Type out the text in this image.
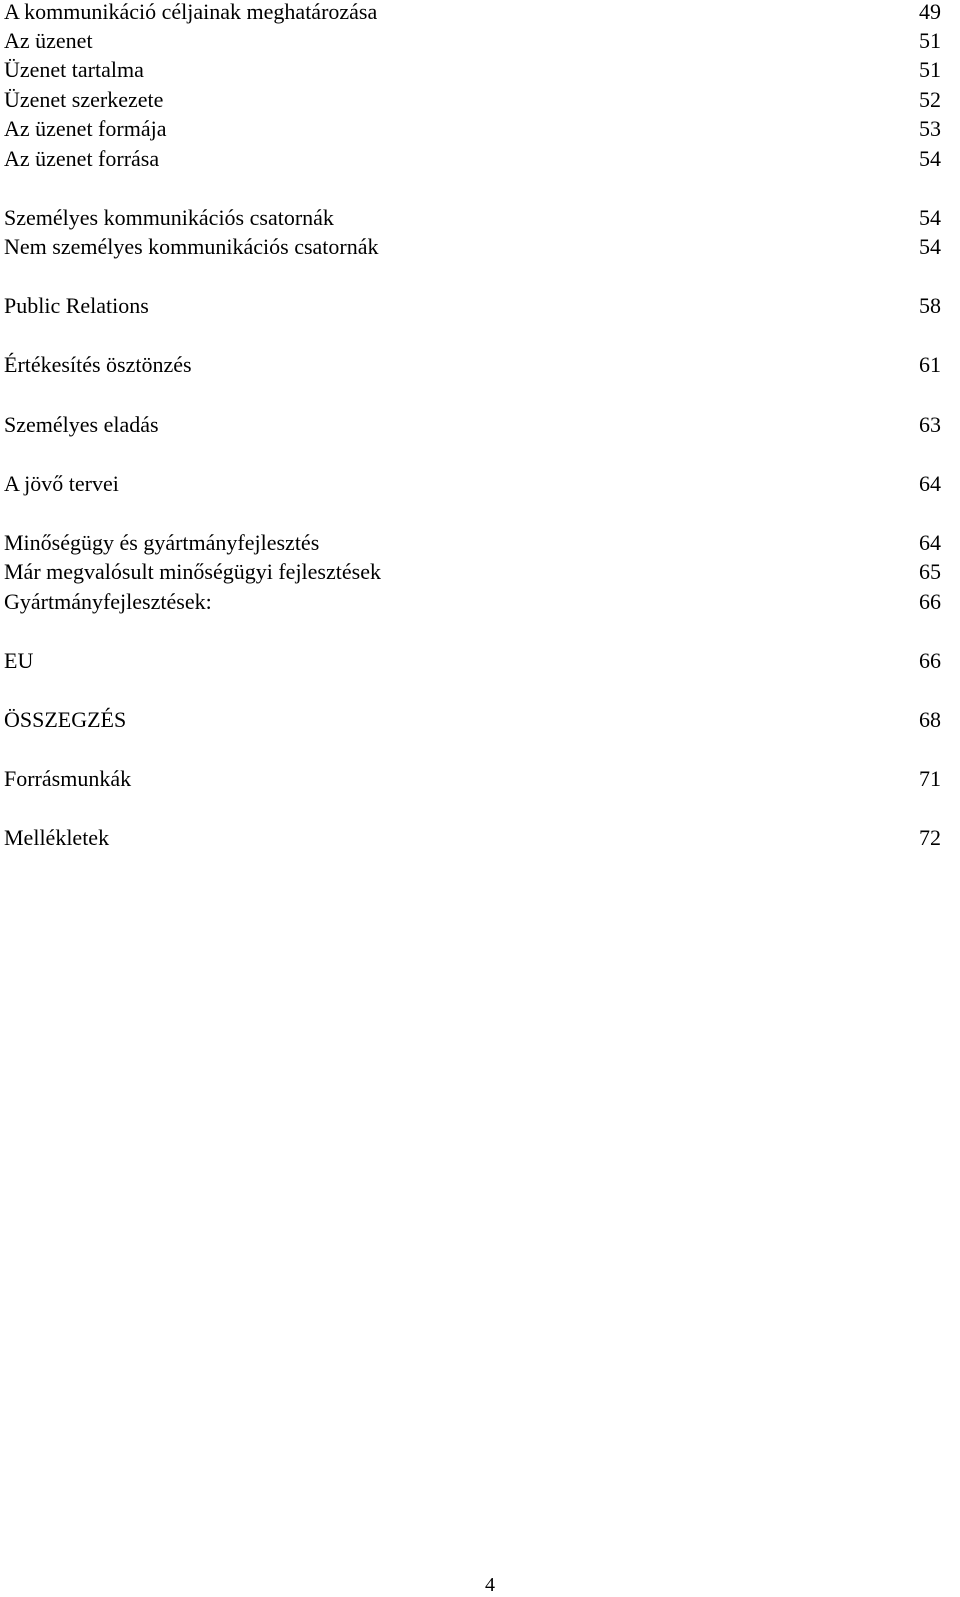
A kommunikáció céljainak meghatározása	49
Az üzenet	51
Üzenet tartalma	51
Üzenet szerkezete	52
Az üzenet formája	53
Az üzenet forrása	54
Személyes kommunikációs csatornák	54
Nem személyes kommunikációs csatornák	54
Public Relations	58
Értékesítés ösztönzés	61
Személyes eladás	63
A jövő tervei	64
Minőségügy és gyártmányfejlesztés	64
Már megvalósult minőségügyi fejlesztések	65
Gyártmányfejlesztések:	66
EU	66
ÖSSZEGZÉS	68
Forrásmunkák	71
Mellékletek	72
4
